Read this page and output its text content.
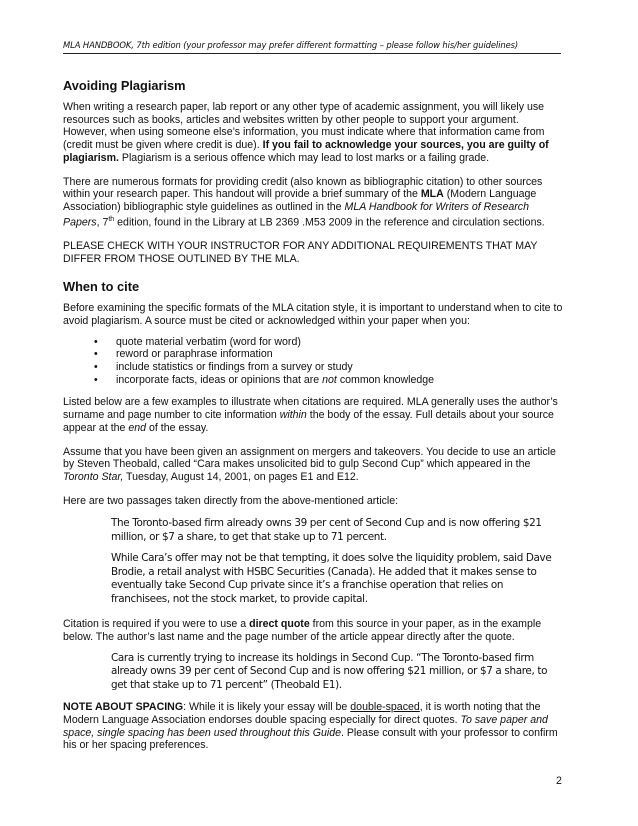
MLA HANDBOOK, 7th edition (your professor may prefer different formatting – please follow his/her guidelines)
Avoiding Plagiarism

When writing a research paper, lab report or any other type of academic assignment, you will likely use resources such as books, articles and websites written by other people to support your argument. However, when using someone else’s information, you must indicate where that information came from (credit must be given where credit is due). If you fail to acknowledge your sources, you are guilty of plagiarism. Plagiarism is a serious offence which may lead to lost marks or a failing grade.

There are numerous formats for providing credit (also known as bibliographic citation) to other sources within your research paper. This handout will provide a brief summary of the MLA (Modern Language Association) bibliographic style guidelines as outlined in the MLA Handbook for Writers of Research Papers, 7th edition, found in the Library at LB 2369 .M53 2009 in the reference and circulation sections.

PLEASE CHECK WITH YOUR INSTRUCTOR FOR ANY ADDITIONAL REQUIREMENTS THAT MAY DIFFER FROM THOSE OUTLINED BY THE MLA.

When to cite

Before examining the specific formats of the MLA citation style, it is important to understand when to cite to avoid plagiarism. A source must be cited or acknowledged within your paper when you:

• quote material verbatim (word for word)
• reword or paraphrase information
• include statistics or findings from a survey or study
• incorporate facts, ideas or opinions that are not common knowledge

Listed below are a few examples to illustrate when citations are required. MLA generally uses the author’s surname and page number to cite information within the body of the essay. Full details about your source appear at the end of the essay.

Assume that you have been given an assignment on mergers and takeovers. You decide to use an article by Steven Theobald, called “Cara makes unsolicited bid to gulp Second Cup” which appeared in the Toronto Star, Tuesday, August 14, 2001, on pages E1 and E12.

Here are two passages taken directly from the above-mentioned article:

The Toronto-based firm already owns 39 per cent of Second Cup and is now offering $21 million, or $7 a share, to get that stake up to 71 percent.
While Cara’s offer may not be that tempting, it does solve the liquidity problem, said Dave Brodie, a retail analyst with HSBC Securities (Canada). He added that it makes sense to eventually take Second Cup private since it’s a franchise operation that relies on franchisees, not the stock market, to provide capital.

Citation is required if you were to use a direct quote from this source in your paper, as in the example below. The author’s last name and the page number of the article appear directly after the quote.

Cara is currently trying to increase its holdings in Second Cup. “The Toronto-based firm already owns 39 per cent of Second Cup and is now offering $21 million, or $7 a share, to get that stake up to 71 percent” (Theobald E1).

NOTE ABOUT SPACING: While it is likely your essay will be double-spaced, it is worth noting that the Modern Language Association endorses double spacing especially for direct quotes. To save paper and space, single spacing has been used throughout this Guide. Please consult with your professor to confirm his or her spacing preferences.

2
